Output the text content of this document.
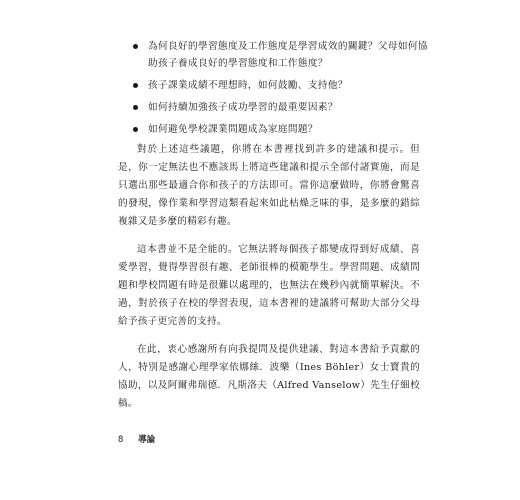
為何良好的學習態度及工作態度是學習成效的關鍵？父母如何協助孩子養成良好的學習態度和工作態度？
孩子課業成績不理想時，如何鼓勵、支持他？
如何持續加強孩子成功學習的最重要因素？
如何避免學校課業問題成為家庭問題？

對於上述這些議題，你將在本書裡找到許多的建議和提示。但是，你一定無法也不應該馬上將這些建議和提示全部付諸實施，而是只選出那些最適合你和孩子的方法即可。當你這麼做時，你將會驚喜的發現，像作業和學習這類看起來如此枯燥乏味的事，是多麼的錯綜複雜又是多麼的精彩有趣。

這本書並不是全能的。它無法將每個孩子都變成得到好成績、喜愛學習，覺得學習很有趣、老師很棒的模範學生。學習問題、成績問題和學校問題有時是很難以處理的，也無法在幾秒內就簡單解決。不過，對於孩子在校的學習表現，這本書裡的建議將可幫助大部分父母給予孩子更完善的支持。

在此，衷心感謝所有向我提問及提供建議、對這本書給予貢獻的人，特別是感謝心理學家依娜絲．波樂（Ines Böhler）女士寶貴的協助，以及阿爾弗瑞德．凡斯洛夫（Alfred Vanselow）先生仔細校稿。

8 導論
